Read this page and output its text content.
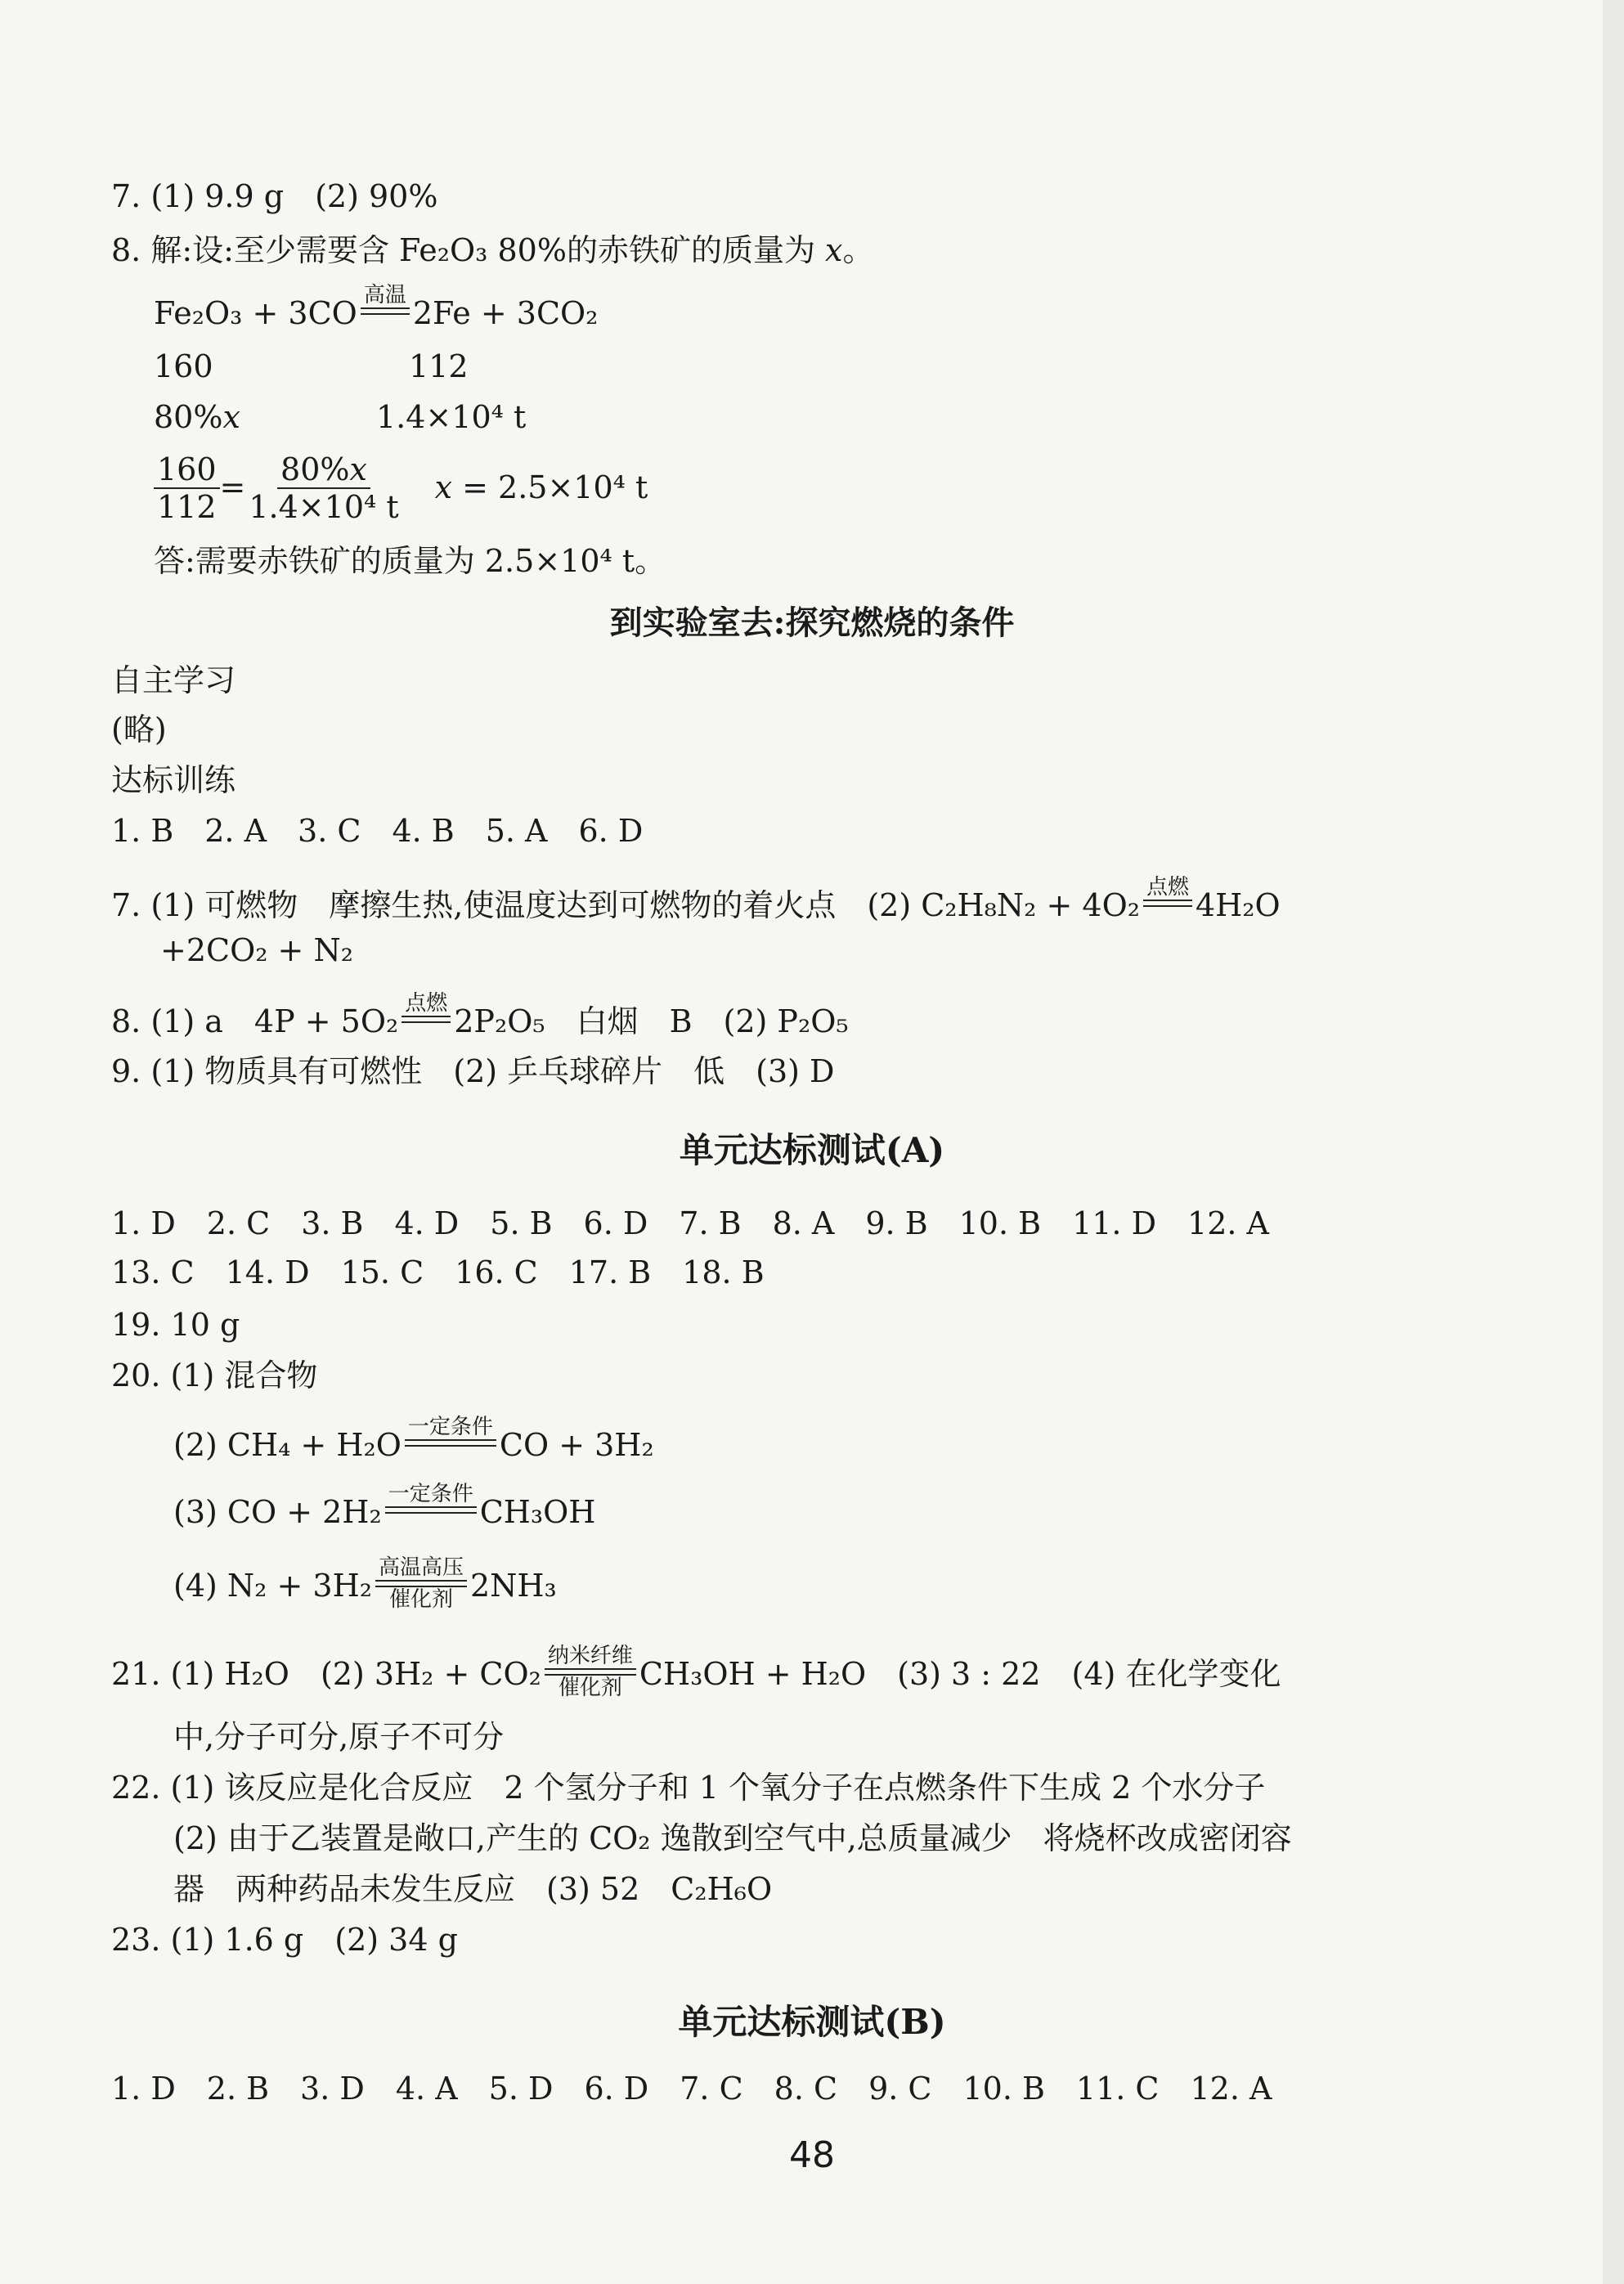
7. (1) 9.9 g　(2) 90%
8. 解:设:至少需要含 Fe₂O₃ 80%的赤铁矿的质量为 𝑥。
Fe₂O₃ + 3CO 高温 2Fe + 3CO₂
160	112
80%𝑥	1.4×10⁴ t
$\frac{160}{112} = \frac{\text{80\%𝑥}}{\text{1.4×10⁴ t}}$ 𝑥 = 2.5×10⁴ t
答:需要赤铁矿的质量为 2.5×10⁴ t。
到实验室去:探究燃烧的条件
自主学习
(略)
达标训练
1. B　2. A　3. C　4. B　5. A　6. D
7. (1) 可燃物　摩擦生热,使温度达到可燃物的着火点　(2) C₂H₈N₂ + 4O₂ 点燃 4H₂O
+2CO₂ + N₂
8. (1) a　4P + 5O₂ 点燃 2P₂O₅　白烟　B　(2) P₂O₅
9. (1) 物质具有可燃性　(2) 乒乓球碎片　低　(3) D
单元达标测试(A)
1. D　2. C　3. B　4. D　5. B　6. D　7. B　8. A　9. B　10. B　11. D　12. A
13. C　14. D　15. C　16. C　17. B　18. B
19. 10 g
20. (1) 混合物
(2) CH₄ + H₂O 一定条件 CO + 3H₂
(3) CO + 2H₂ 一定条件 CH₃OH
(4) N₂ + 3H₂ 高温高压
催化剂 2NH₃
21. (1) H₂O　(2) 3H₂ + CO₂ 纳米纤维
催化剂 CH₃OH + H₂O　(3) 3 : 22　(4) 在化学变化
中,分子可分,原子不可分
22. (1) 该反应是化合反应　2 个氢分子和 1 个氧分子在点燃条件下生成 2 个水分子
(2) 由于乙装置是敞口,产生的 CO₂ 逸散到空气中,总质量减少　将烧杯改成密闭容
器　两种药品未发生反应　(3) 52　C₂H₆O
23. (1) 1.6 g　(2) 34 g
单元达标测试(B)
1. D　2. B　3. D　4. A　5. D　6. D　7. C　8. C　9. C　10. B　11. C　12. A
48
